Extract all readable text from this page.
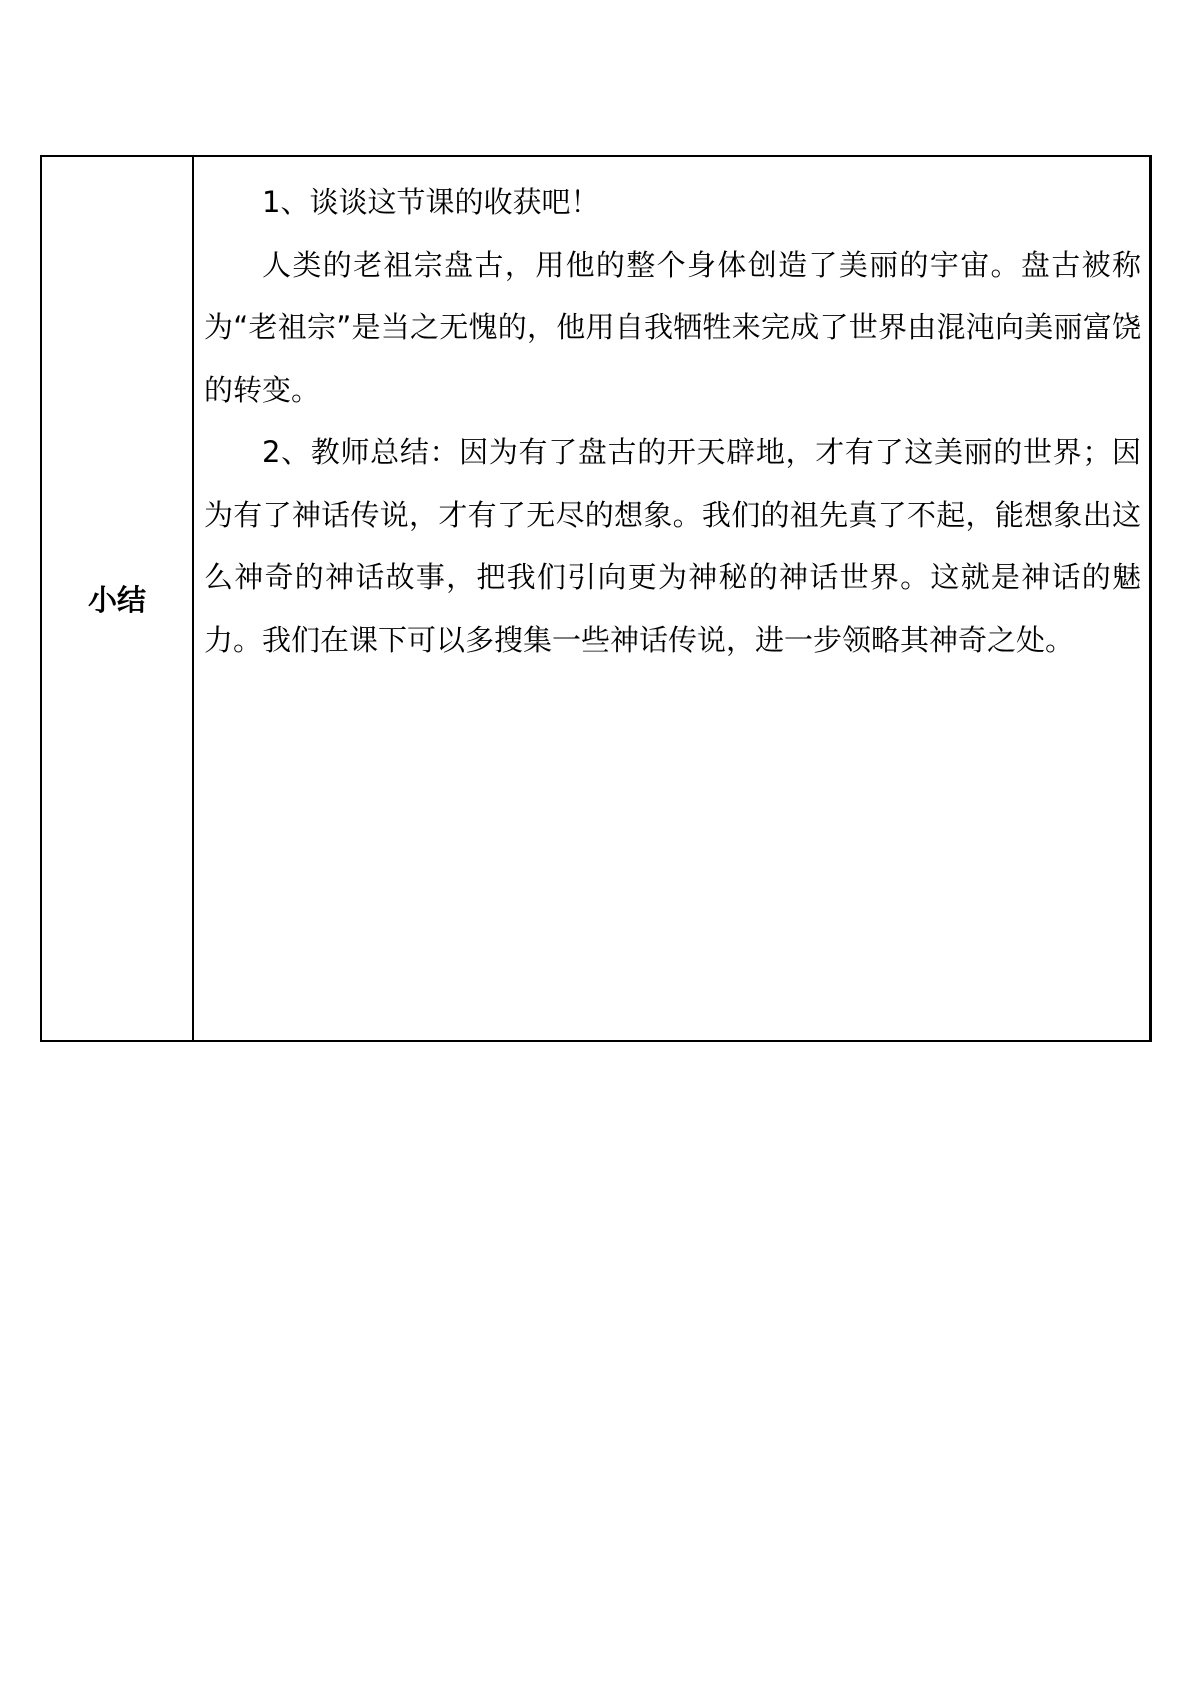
小结	

1、谈谈这节课的收获吧！

人类的老祖宗盘古，用他的整个身体创造了美丽的宇宙。盘古被称为“老祖宗”是当之无愧的，他用自我牺牲来完成了世界由混沌向美丽富饶的转变。

2、教师总结：因为有了盘古的开天辟地，才有了这美丽的世界；因为有了神话传说，才有了无尽的想象。我们的祖先真了不起，能想象出这么神奇的神话故事，把我们引向更为神秘的神话世界。这就是神话的魅力。我们在课下可以多搜集一些神话传说，进一步领略其神奇之处。
